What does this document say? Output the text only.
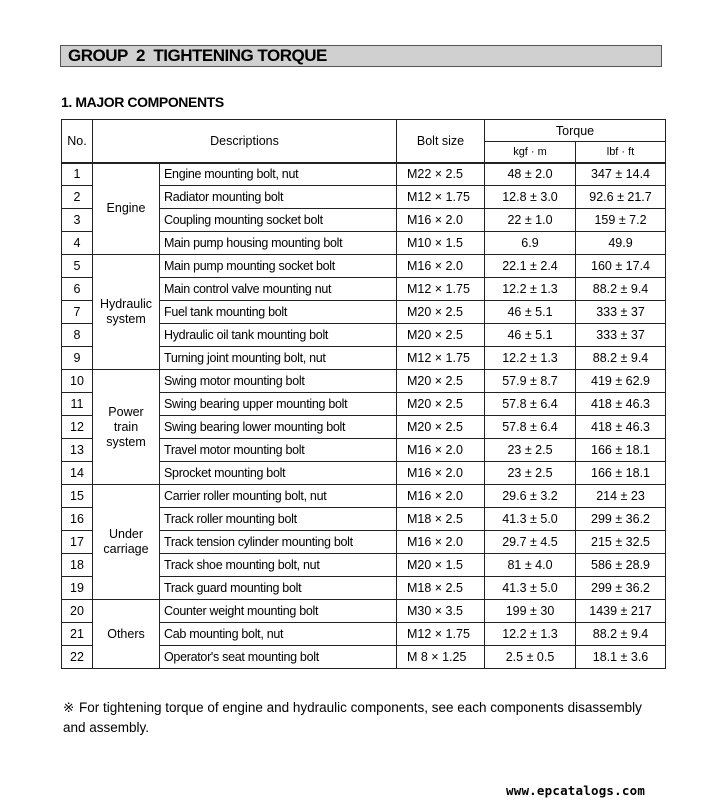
GROUP  2  TIGHTENING TORQUE
1. MAJOR COMPONENTS
No.	Descriptions		Bolt size	Torque	
				kgf · m	lbf · ft
1	Engine	Engine mounting bolt, nut	M22 × 2.5	48 ± 2.0	347 ± 14.4
2		Radiator mounting bolt	M12 × 1.75	12.8 ± 3.0	92.6 ± 21.7
3		Coupling mounting socket bolt	M16 × 2.0	22 ± 1.0	159 ± 7.2
4		Main pump housing mounting bolt	M10 × 1.5	6.9	49.9
5	Hydraulic system	Main pump mounting socket bolt	M16 × 2.0	22.1 ± 2.4	160 ± 17.4
6		Main control valve mounting nut	M12 × 1.75	12.2 ± 1.3	88.2 ± 9.4
7		Fuel tank mounting bolt	M20 × 2.5	46 ± 5.1	333 ± 37
8		Hydraulic oil tank mounting bolt	M20 × 2.5	46 ± 5.1	333 ± 37
9		Turning joint mounting bolt, nut	M12 × 1.75	12.2 ± 1.3	88.2 ± 9.4
10	Power train system	Swing motor mounting bolt	M20 × 2.5	57.9 ± 8.7	419 ± 62.9
11		Swing bearing upper mounting bolt	M20 × 2.5	57.8 ± 6.4	418 ± 46.3
12		Swing bearing lower mounting bolt	M20 × 2.5	57.8 ± 6.4	418 ± 46.3
13		Travel motor mounting bolt	M16 × 2.0	23 ± 2.5	166 ± 18.1
14		Sprocket mounting bolt	M16 × 2.0	23 ± 2.5	166 ± 18.1
15	Under carriage	Carrier roller mounting bolt, nut	M16 × 2.0	29.6 ± 3.2	214 ± 23
16		Track roller mounting bolt	M18 × 2.5	41.3 ± 5.0	299 ± 36.2
17		Track tension cylinder mounting bolt	M16 × 2.0	29.7 ± 4.5	215 ± 32.5
18		Track shoe mounting bolt, nut	M20 × 1.5	81 ± 4.0	586 ± 28.9
19		Track guard mounting bolt	M18 × 2.5	41.3 ± 5.0	299 ± 36.2
20	Others	Counter weight mounting bolt	M30 × 3.5	199 ± 30	1439 ± 217
21		Cab mounting bolt, nut	M12 × 1.75	12.2 ± 1.3	88.2 ± 9.4
22		Operator's seat mounting bolt	M 8 × 1.25	2.5 ± 0.5	18.1 ± 3.6
※ For tightening torque of engine and hydraulic components, see each components disassembly and assembly.
www.epcatalogs.com
